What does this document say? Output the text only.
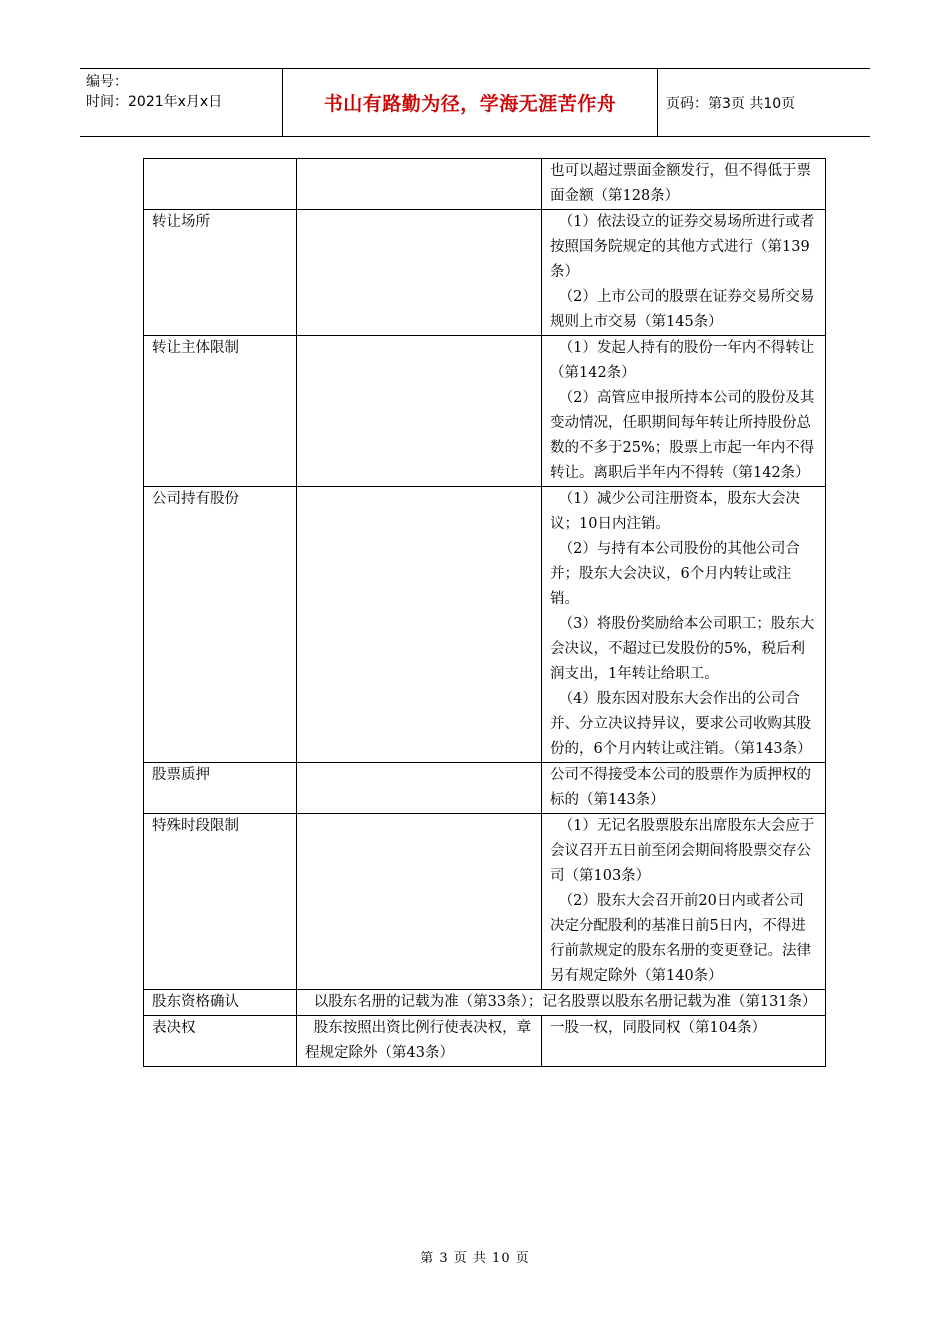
编号：
时间：2021年x月x日	书山有路勤为径，学海无涯苦作舟	页码：第3页 共10页

		也可以超过票面金额发行，但不得低于票面金额（第128条）

转让场所		（1）依法设立的证券交易场所进行或者按照国务院规定的其他方式进行（第139条）
（2）上市公司的股票在证券交易所交易规则上市交易（第145条）

转让主体限制		（1）发起人持有的股份一年内不得转让（第142条）
（2）高管应申报所持本公司的股份及其变动情况，任职期间每年转让所持股份总数的不多于25%；股票上市起一年内不得转让。离职后半年内不得转（第142条）

公司持有股份		（1）减少公司注册资本，股东大会决议；10日内注销。
（2）与持有本公司股份的其他公司合并；股东大会决议，6个月内转让或注销。
（3）将股份奖励给本公司职工；股东大会决议，不超过已发股份的5%，税后利润支出，1年转让给职工。
（4）股东因对股东大会作出的公司合并、分立决议持异议，要求公司收购其股份的，6个月内转让或注销。（第143条）

股票质押		公司不得接受本公司的股票作为质押权的标的（第143条）

特殊时段限制		（1）无记名股票股东出席股东大会应于会议召开五日前至闭会期间将股票交存公司（第103条）
（2）股东大会召开前20日内或者公司决定分配股利的基准日前5日内，不得进行前款规定的股东名册的变更登记。法律另有规定除外（第140条）

股东资格确认	以股东名册的记载为准（第33条）；记名股票以股东名册记载为准（第131条）	

表决权	股东按照出资比例行使表决权，章程规定除外（第43条）	一股一权，同股同权（第104条）
第 3 页 共 10 页
